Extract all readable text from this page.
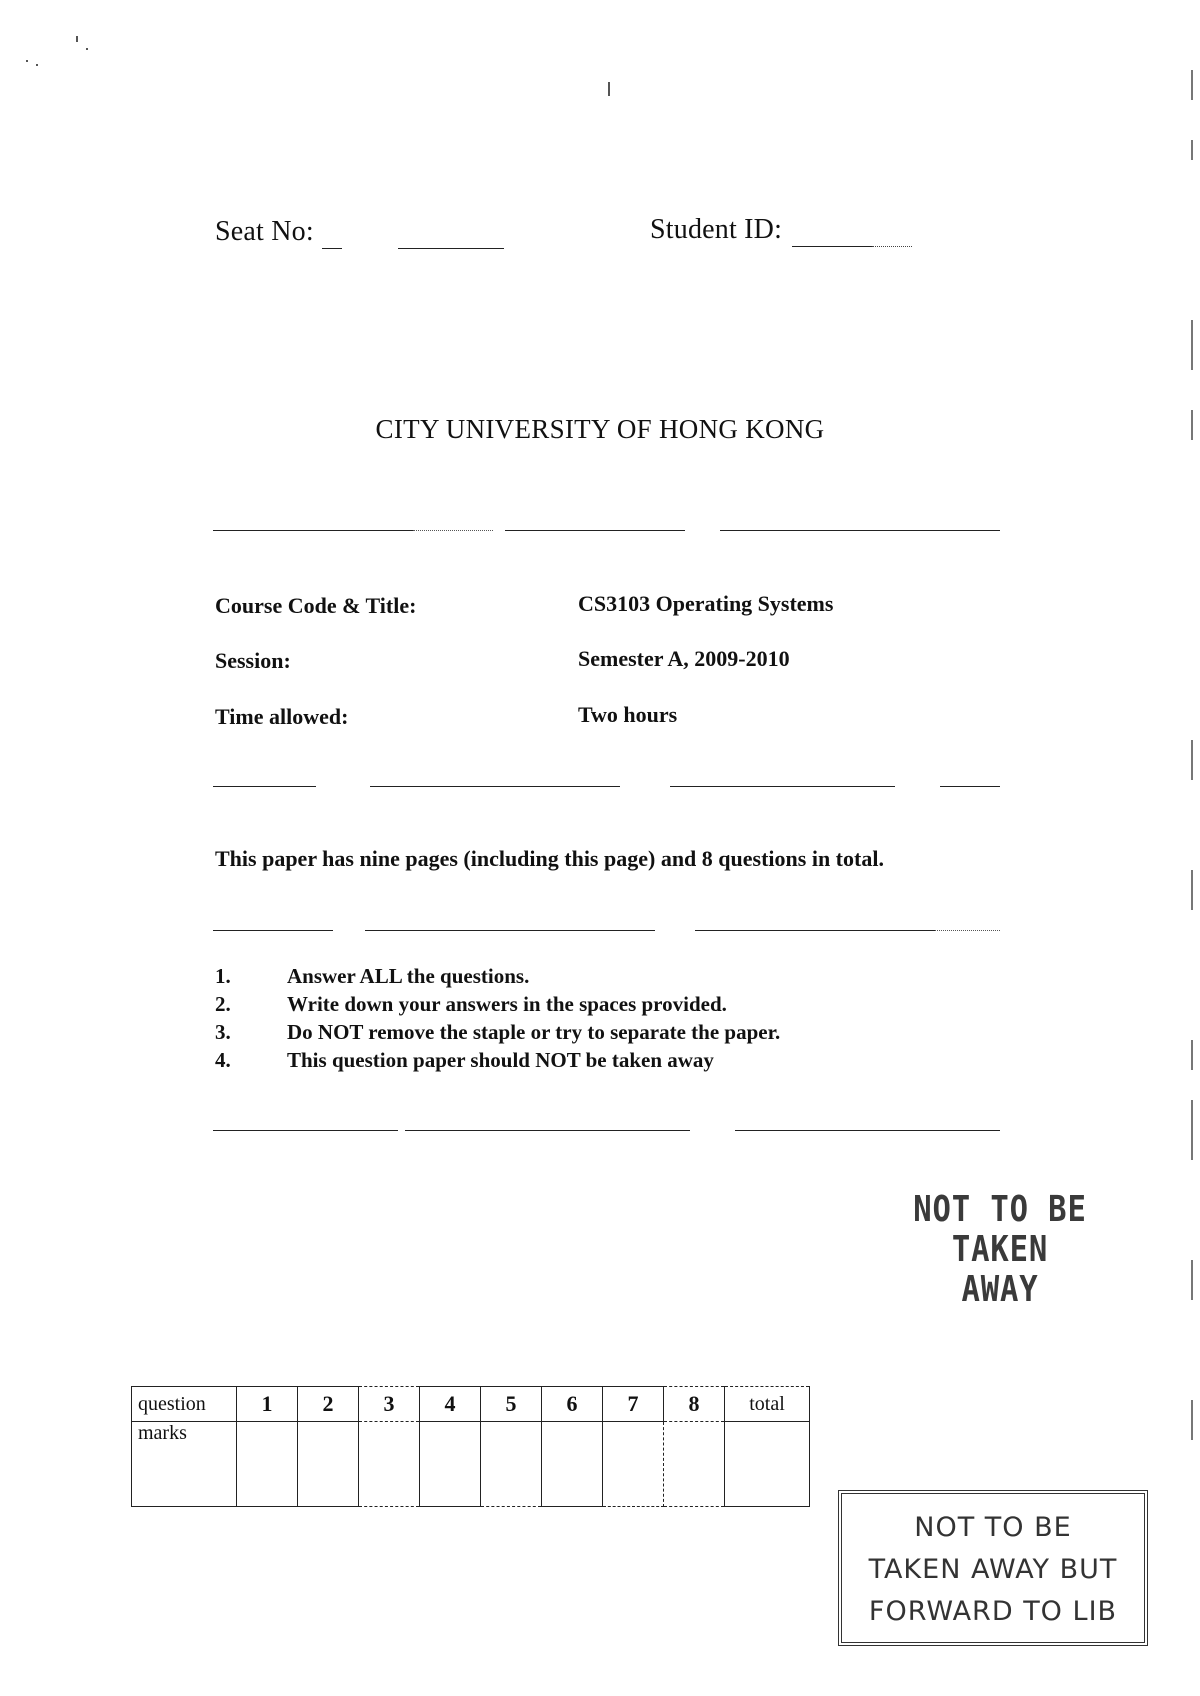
Seat No:	Student ID:
CITY UNIVERSITY OF HONG KONG
Course Code & Title:	CS3103 Operating Systems
Session:	Semester A, 2009-2010
Time allowed:	Two hours
This paper has nine pages (including this page) and 8 questions in total.
1.	Answer ALL the questions.
2.	Write down your answers in the spaces provided.
3.	Do NOT remove the staple or try to separate the paper.
4.	This question paper should NOT be taken away
NOT TO BE
TAKEN AWAY
question	1	2	3	4	5	6	7	8	total
marks									
NOT TO BE
TAKEN AWAY BUT
FORWARD TO LIB
